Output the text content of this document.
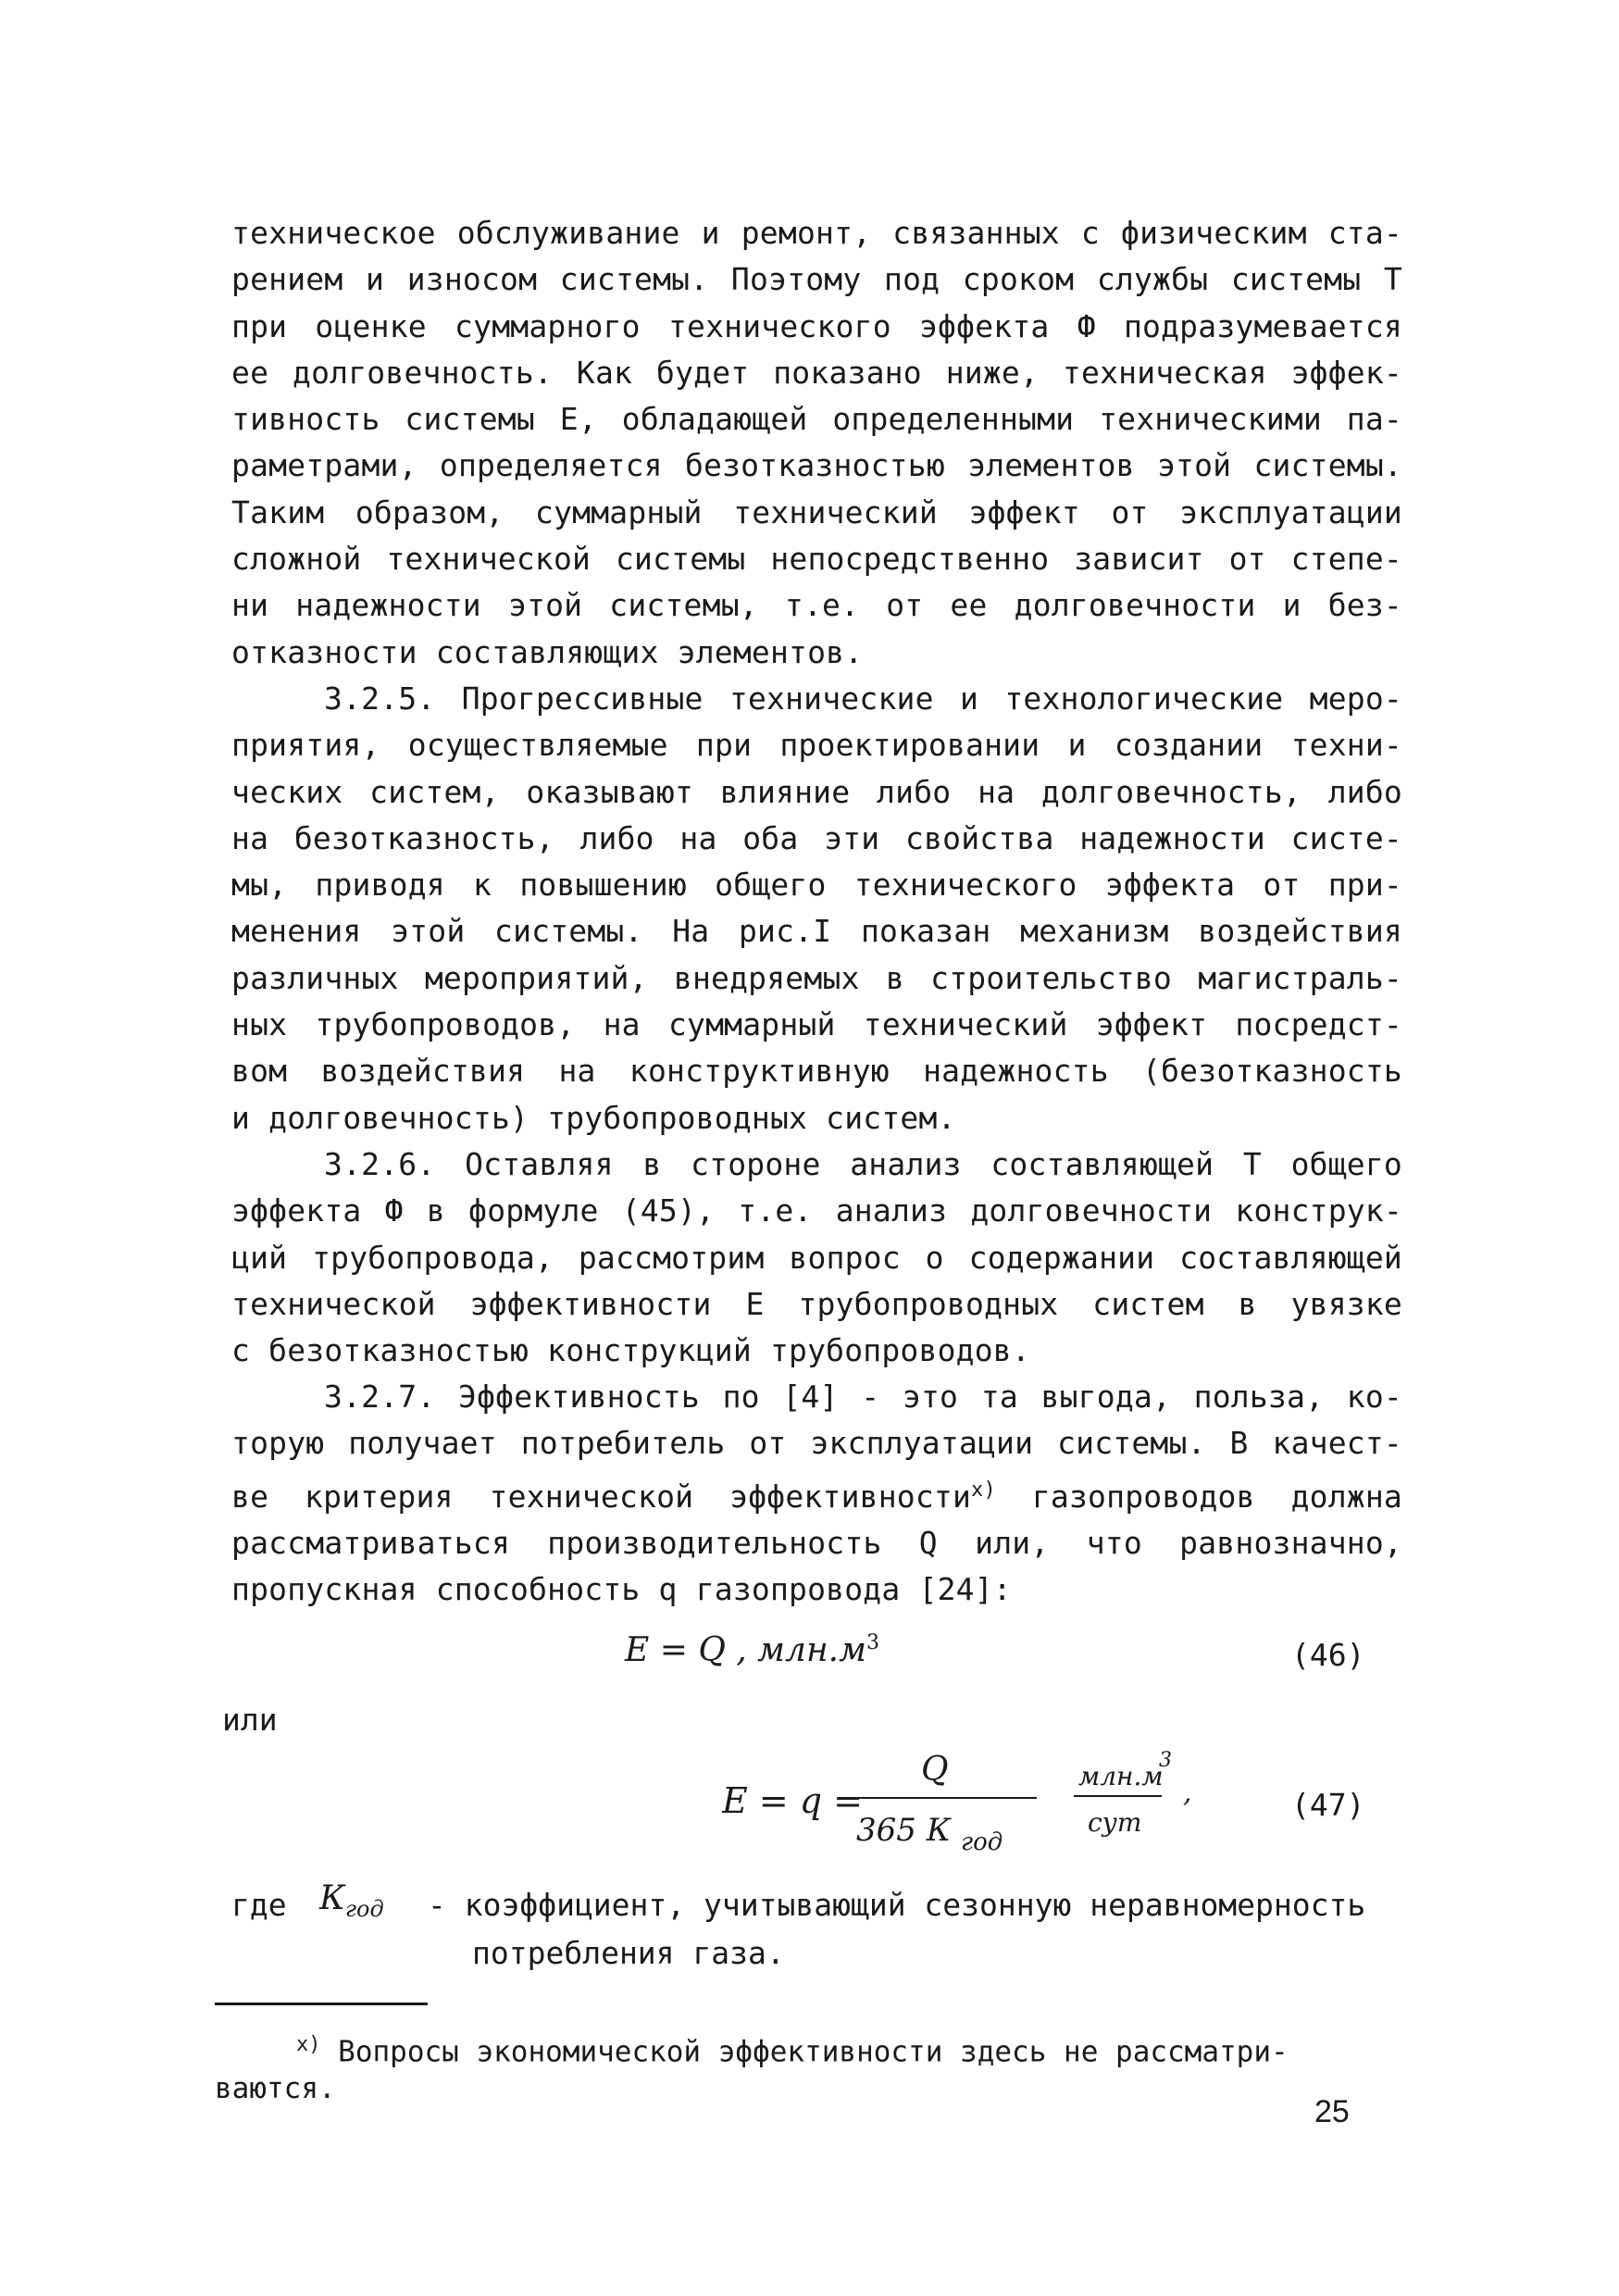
техническое обслуживание и ремонт, связанных с физическим ста-
рением и износом системы. Поэтому под сроком службы системы Т
при оценке суммарного технического эффекта Ф подразумевается
ее долговечность. Как будет показано ниже, техническая эффек-
тивность системы Е, обладающей определенными техническими па-
раметрами, определяется безотказностью элементов этой системы.
Таким образом, суммарный технический эффект от эксплуатации
сложной технической системы непосредственно зависит от степе-
ни надежности этой системы, т.е. от ее долговечности и без-
отказности составляющих элементов.
3.2.5. Прогрессивные технические и технологические меро-
приятия, осуществляемые при проектировании и создании техни-
ческих систем, оказывают влияние либо на долговечность, либо
на безотказность, либо на оба эти свойства надежности систе-
мы, приводя к повышению общего технического эффекта от при-
менения этой системы. На рис.I показан механизм воздействия
различных мероприятий, внедряемых в строительство магистраль-
ных трубопроводов, на суммарный технический эффект посредст-
вом воздействия на конструктивную надежность (безотказность
и долговечность) трубопроводных систем.
3.2.6. Оставляя в стороне анализ составляющей Т общего
эффекта Ф в формуле (45), т.е. анализ долговечности конструк-
ций трубопровода, рассмотрим вопрос о содержании составляющей
технической эффективности Е трубопроводных систем в увязке
с безотказностью конструкций трубопроводов.
3.2.7. Эффективность по [4] - это та выгода, польза, ко-
торую получает потребитель от эксплуатации системы. В качест-
ве критерия технической эффективности$^{x)}$ газопроводов должна
рассматриваться производительность Q или, что равнозначно,
пропускная способность q газопровода [24]:
E = Q , $млн.м^3$	(46)
или
E = q =
Q
365 К год
млн.м
3
сут
,	(47)
где $К_{год}$ - коэффициент, учитывающий сезонную неравномерность
потребления газа.
$^{x)}$ Вопросы экономической эффективности здесь не рассматри-
ваются.
25
